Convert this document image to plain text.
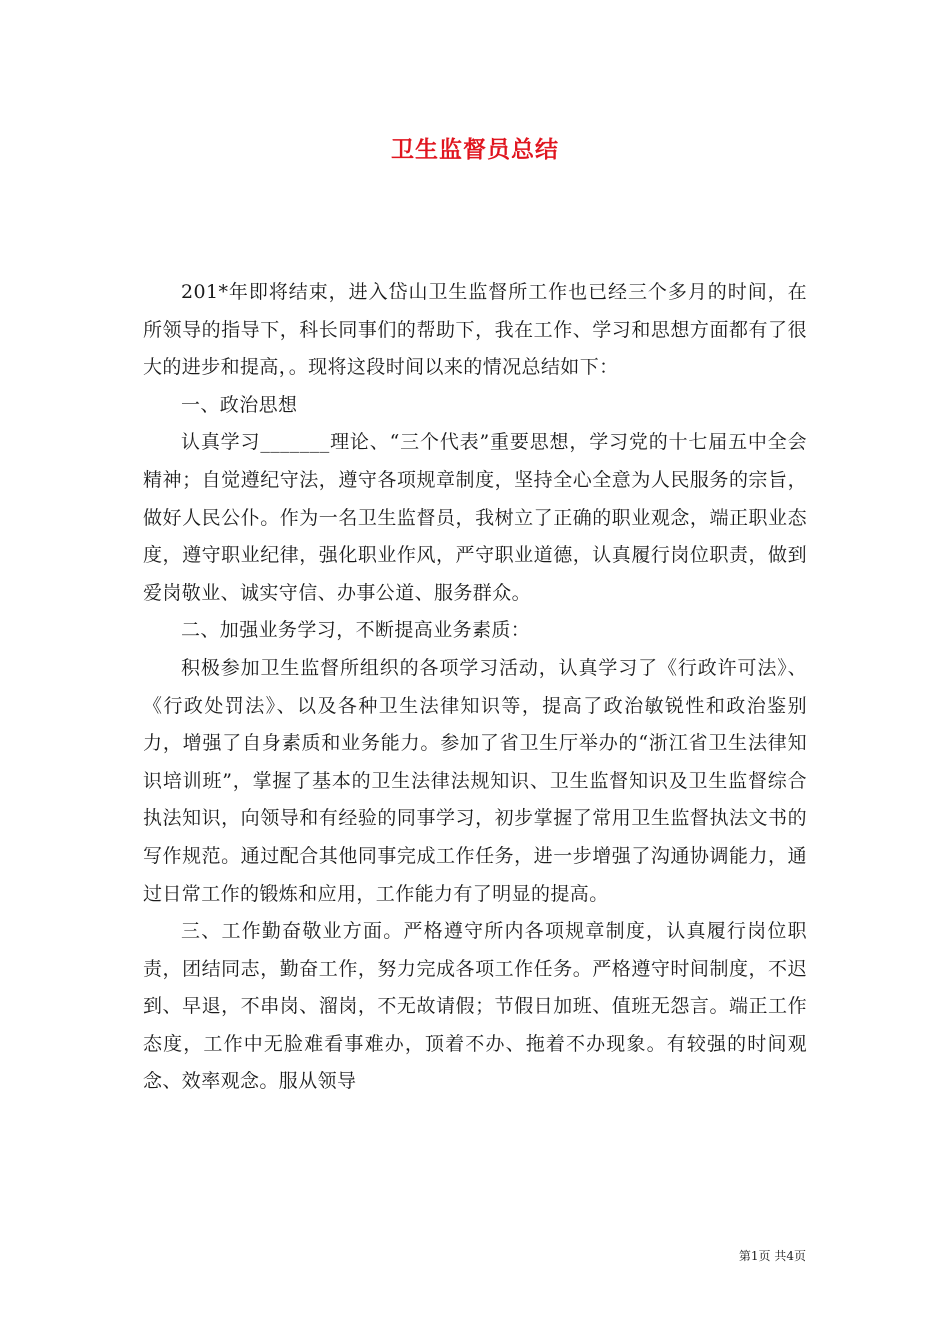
卫生监督员总结

201*年即将结束，进入岱山卫生监督所工作也已经三个多月的时间，在所领导的指导下，科长同事们的帮助下，我在工作、学习和思想方面都有了很大的进步和提高，。现将这段时间以来的情况总结如下：

一、政治思想

认真学习_______理论、“三个代表”重要思想，学习党的十七届五中全会精神；自觉遵纪守法，遵守各项规章制度，坚持全心全意为人民服务的宗旨，做好人民公仆。作为一名卫生监督员，我树立了正确的职业观念，端正职业态度，遵守职业纪律，强化职业作风，严守职业道德，认真履行岗位职责，做到爱岗敬业、诚实守信、办事公道、服务群众。

二、加强业务学习，不断提高业务素质：

积极参加卫生监督所组织的各项学习活动，认真学习了《行政许可法》、《行政处罚法》、以及各种卫生法律知识等，提高了政治敏锐性和政治鉴别力，增强了自身素质和业务能力。参加了省卫生厅举办的“浙江省卫生法律知识培训班”，掌握了基本的卫生法律法规知识、卫生监督知识及卫生监督综合执法知识，向领导和有经验的同事学习，初步掌握了常用卫生监督执法文书的写作规范。通过配合其他同事完成工作任务，进一步增强了沟通协调能力，通过日常工作的锻炼和应用，工作能力有了明显的提高。

三、工作勤奋敬业方面。严格遵守所内各项规章制度，认真履行岗位职责，团结同志，勤奋工作，努力完成各项工作任务。严格遵守时间制度，不迟到、早退，不串岗、溜岗，不无故请假；节假日加班、值班无怨言。端正工作态度，工作中无脸难看事难办，顶着不办、拖着不办现象。有较强的时间观念、效率观念。服从领导

第1页 共4页
